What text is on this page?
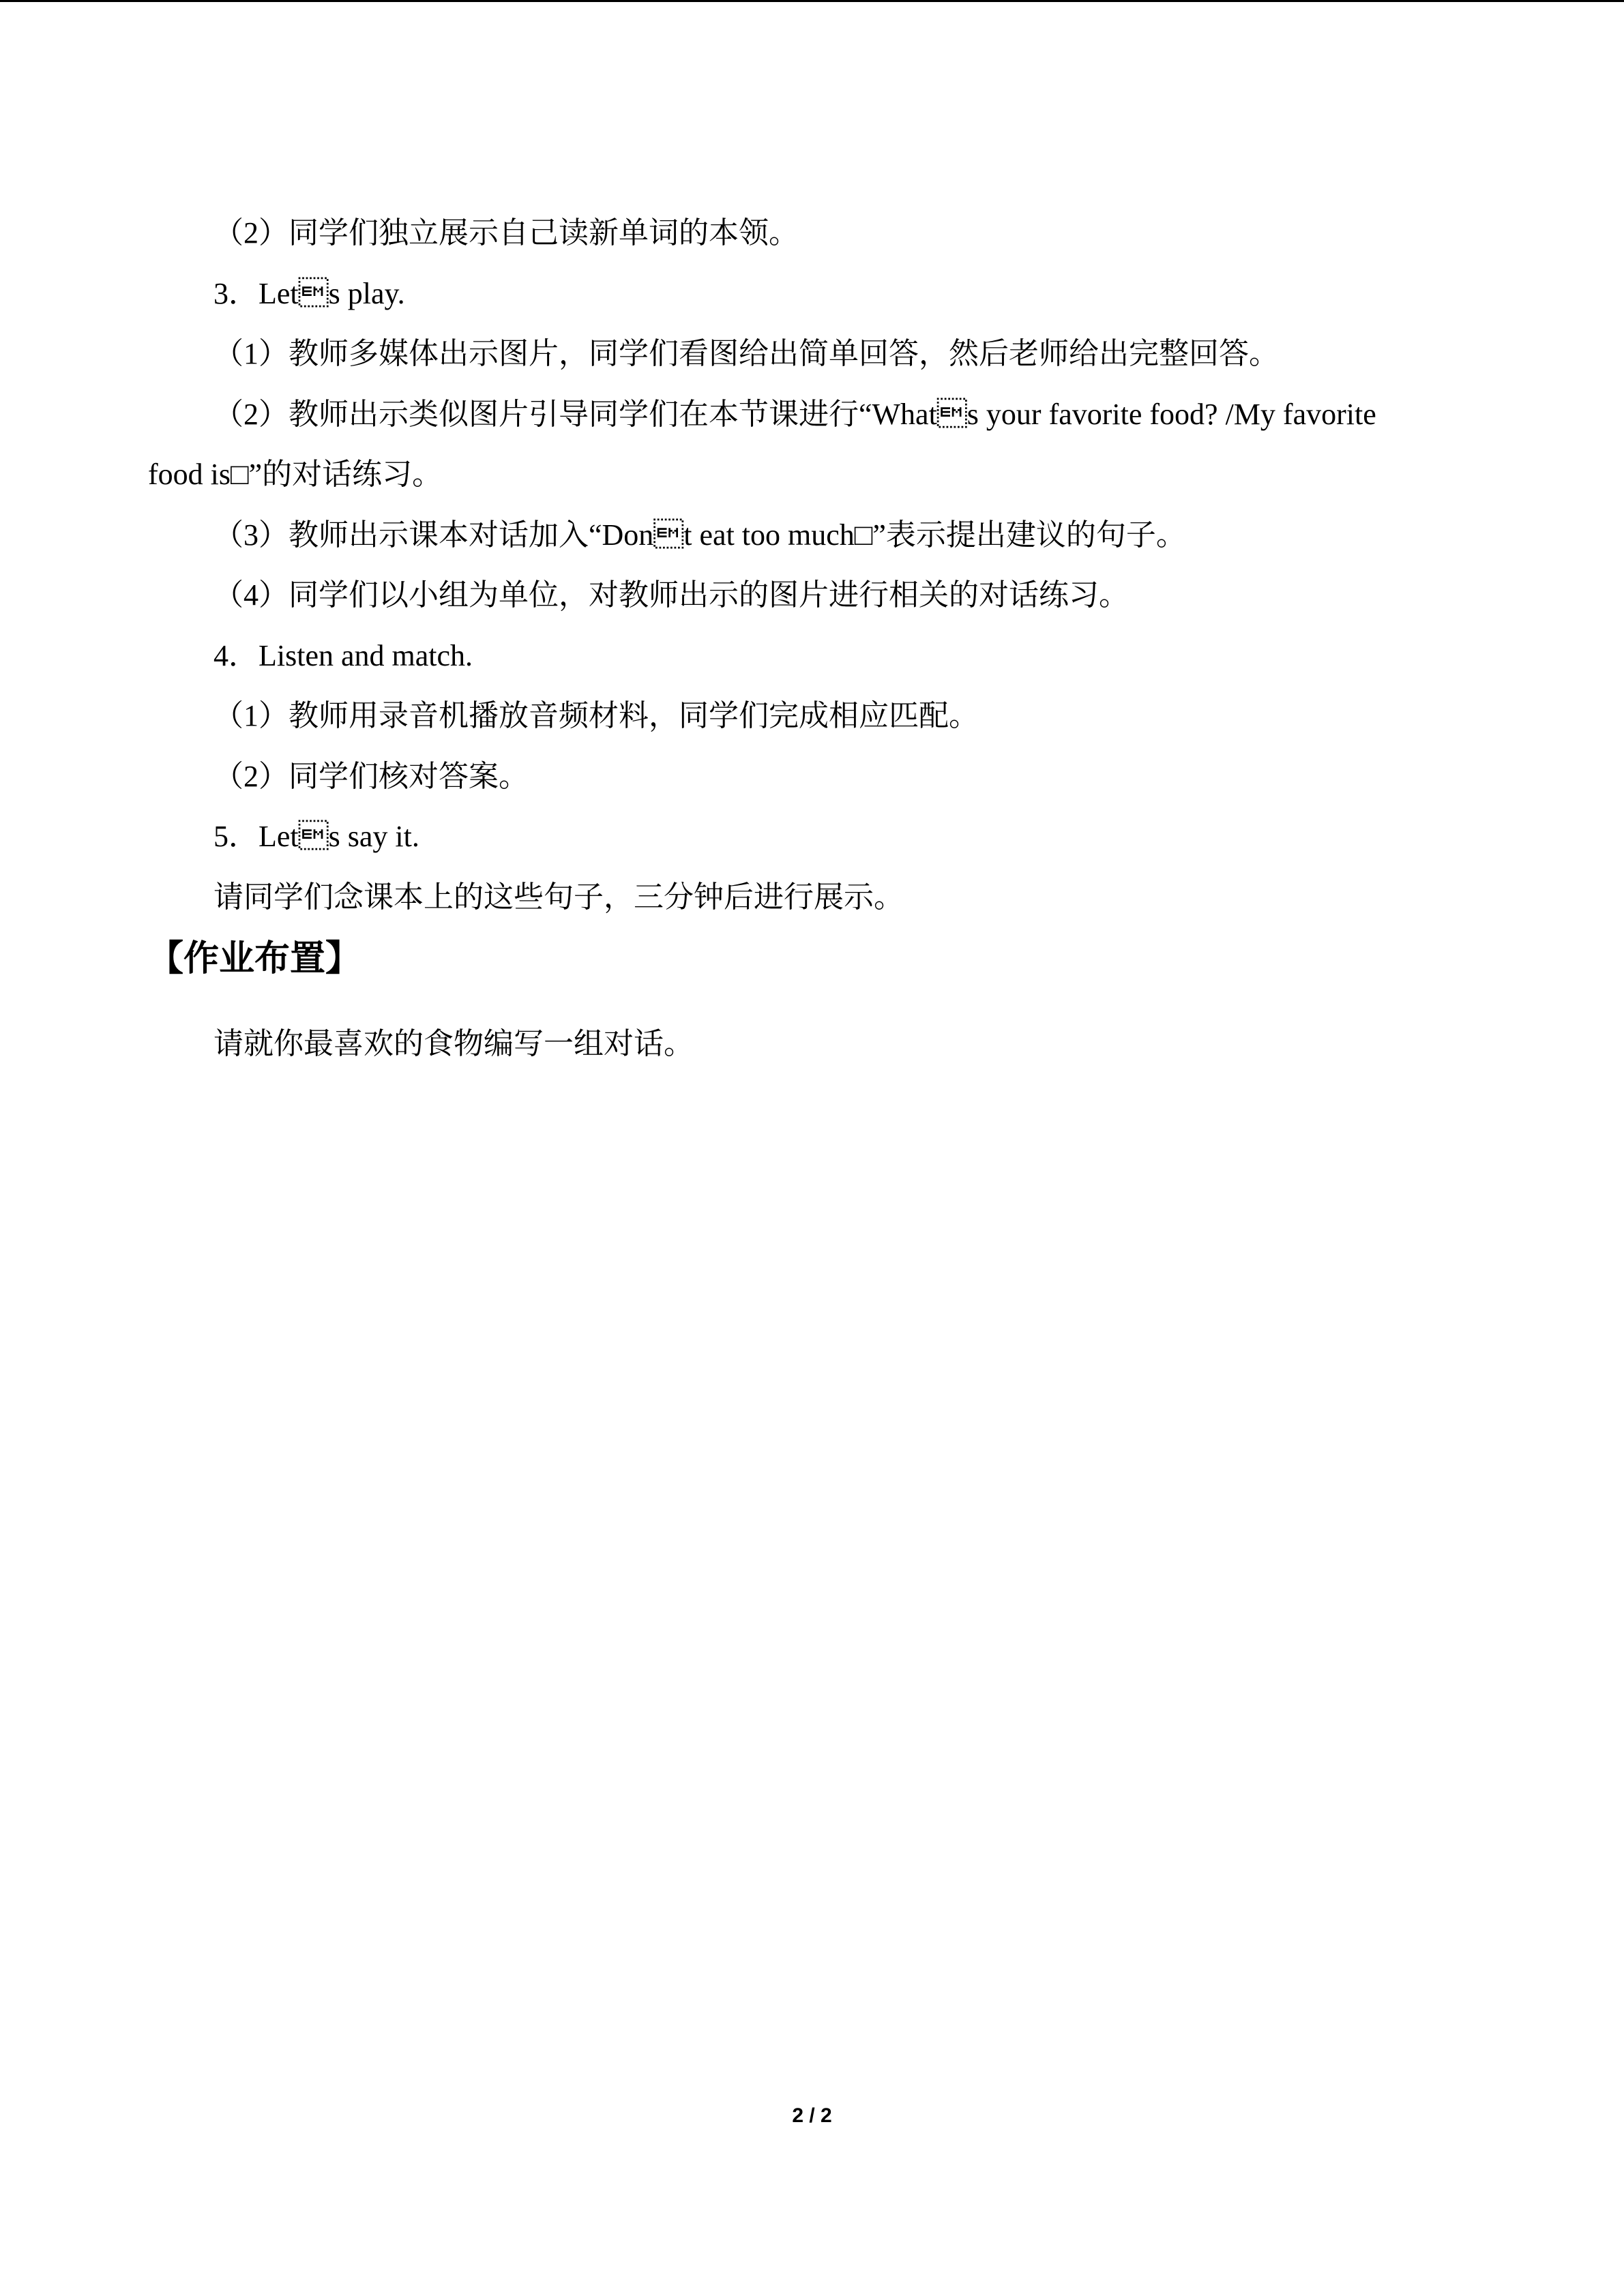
（2）同学们独立展示自己读新单词的本领。
3．Lets play.
（1）教师多媒体出示图片，同学们看图给出简单回答，然后老师给出完整回答。
（2）教师出示类似图片引导同学们在本节课进行“Whats your favorite food? /My favorite
food is□”的对话练习。
（3）教师出示课本对话加入“Dont eat too much□”表示提出建议的句子。
（4）同学们以小组为单位，对教师出示的图片进行相关的对话练习。
4．Listen and match.
（1）教师用录音机播放音频材料，同学们完成相应匹配。
（2）同学们核对答案。
5．Lets say it.
请同学们念课本上的这些句子，三分钟后进行展示。
【作业布置】
请就你最喜欢的食物编写一组对话。
2 / 2
